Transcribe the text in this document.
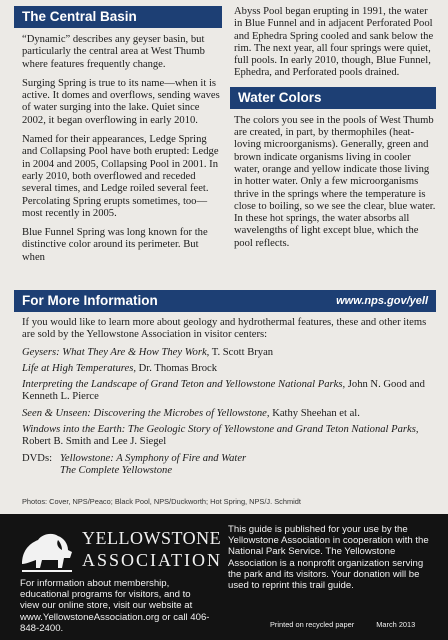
The Central Basin

“Dynamic” describes any geyser basin, but particularly the central area at West Thumb where features frequently change.

Surging Spring is true to its name—when it is active. It domes and overflows, sending waves of water surging into the lake. Quiet since 2002, it began overflowing in early 2010.

Named for their appearances, Ledge Spring and Collapsing Pool have both erupted: Ledge in 2004 and 2005, Collapsing Pool in 2001. In early 2010, both overflowed and receded several times, and Ledge roiled several feet. Percolating Spring erupts sometimes, too—most recently in 2005.

Blue Funnel Spring was long known for the distinctive color around its perimeter. But when

Abyss Pool began erupting in 1991, the water in Blue Funnel and in adjacent Perforated Pool and Ephedra Spring cooled and sank below the rim. The next year, all four springs were quiet, full pools. In early 2010, though, Blue Funnel, Ephedra, and Perforated pools drained.

Water Colors

The colors you see in the pools of West Thumb are created, in part, by thermophiles (heat-loving microorganisms). Generally, green and brown indicate organisms living in cooler water, orange and yellow indicate those living in hotter water. Only a few microorganisms thrive in the springs where the temperature is close to boiling, so we see the clear, blue water. In these hot springs, the water absorbs all wavelengths of light except blue, which the pool reflects.

For More Information	www.nps.gov/yell
If you would like to learn more about geology and hydrothermal features, these and other items are sold by the Yellowstone Association in visitor centers:
Geysers: What They Are & How They Work, T. Scott Bryan
Life at High Temperatures, Dr. Thomas Brock
Interpreting the Landscape of Grand Teton and Yellowstone National Parks, John N. Good and Kenneth L. Pierce
Seen & Unseen: Discovering the Microbes of Yellowstone, Kathy Sheehan et al.
Windows into the Earth: The Geologic Story of Yellowstone and Grand Teton National Parks, Robert B. Smith and Lee J. Siegel
DVDs: Yellowstone: A Symphony of Fire and Water
The Complete Yellowstone
Photos: Cover, NPS/Peaco; Black Pool, NPS/Duckworth; Hot Spring, NPS/J. Schmidt
YELLOWSTONE
ASSOCIATION
For information about membership, educational programs for visitors, and to view our online store, visit our website at www.YellowstoneAssociation.org or call 406-848-2400.
This guide is published for your use by the Yellowstone Association in cooperation with the National Park Service. The Yellowstone Association is a nonprofit organization serving the park and its visitors. Your donation will be used to reprint this trail guide.
Printed on recycled paper	March 2013
